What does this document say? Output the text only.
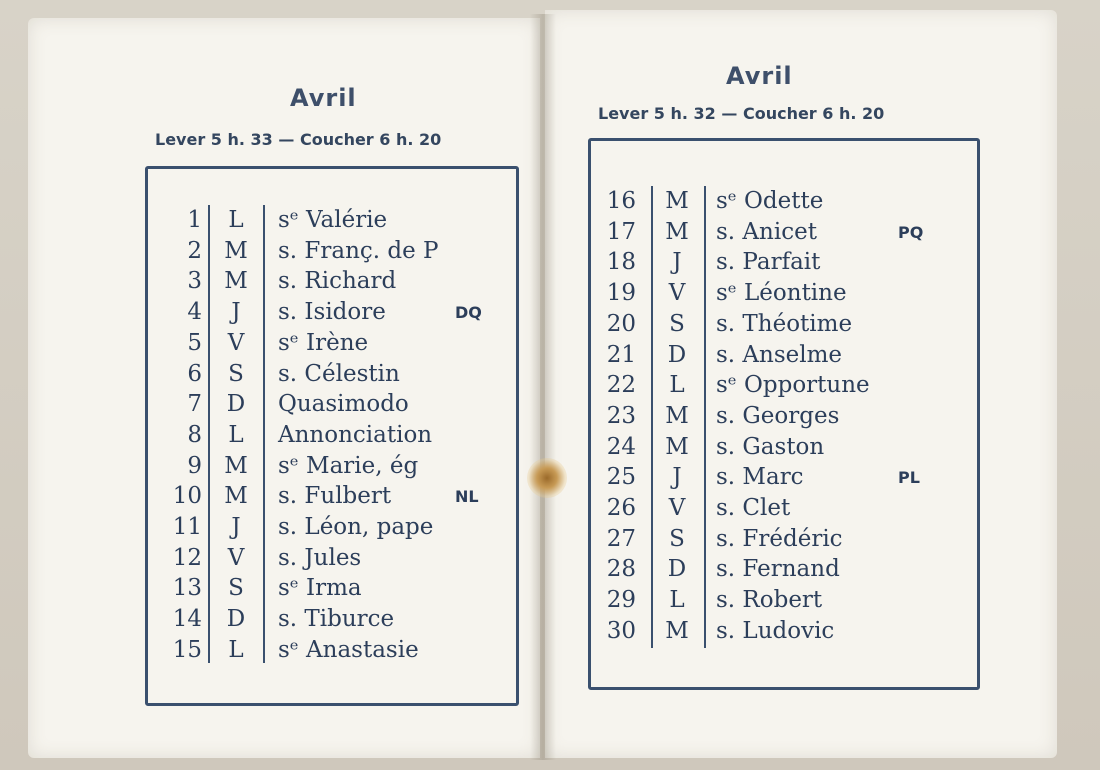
Avril
Lever 5 h. 33 — Coucher 6 h. 20
1	L	sᵉ Valérie
2 M s. Franç. de P
3 M s. Richard
4	J	s. Isidore	DQ
5 V sᵉ Irène
6	S	s. Célestin
7 D Quasimodo
8	L	Annonciation
9 M sᵉ Marie, ég
10 M s. Fulbert	NL
11	J	s. Léon, pape
12 V s. Jules
13	S	sᵉ Irma
14 D s. Tiburce
15	L	sᵉ Anastasie
Avril
Lever 5 h. 32 — Coucher 6 h. 20
16 M sᵉ Odette
17 M s. Anicet	PQ
18	J	s. Parfait
19 V sᵉ Léontine
20	S	s. Théotime
21 D s. Anselme
22	L	sᵉ Opportune
23 M s. Georges
24 M s. Gaston
25	J	s. Marc	PL
26 V s. Clet
27	S	s. Frédéric
28 D s. Fernand
29	L	s. Robert
30 M s. Ludovic
